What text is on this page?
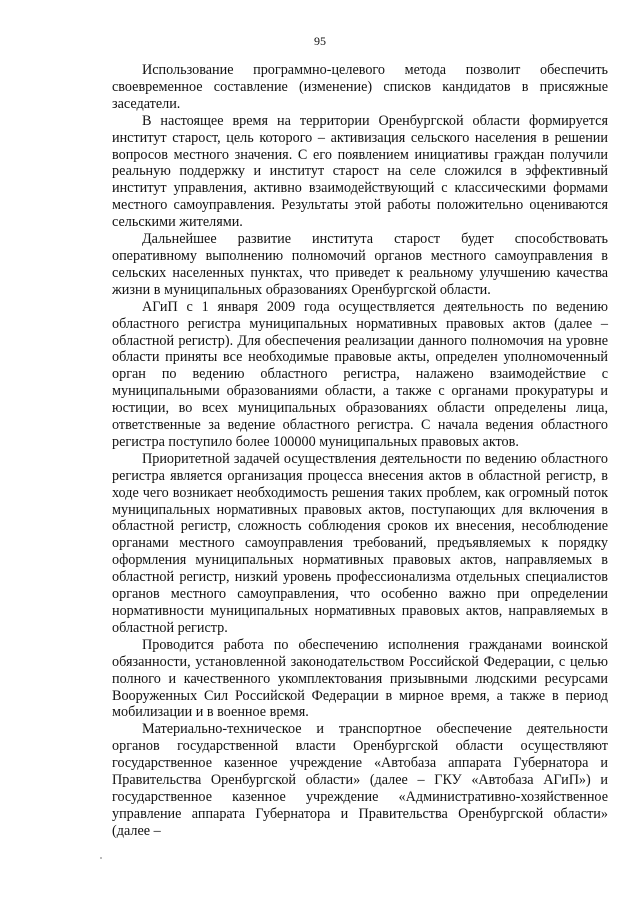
95

Использование программно-целевого метода позволит обеспечить своевременное составление (изменение) списков кандидатов в присяжные заседатели.

В настоящее время на территории Оренбургской области формируется институт старост, цель которого – активизация сельского населения в решении вопросов местного значения. С его появлением инициативы граждан получили реальную поддержку и институт старост на селе сложился в эффективный институт управления, активно взаимодействующий с классическими формами местного самоуправления. Результаты этой работы положительно оцениваются сельскими жителями.

Дальнейшее развитие института старост будет способствовать оперативному выполнению полномочий органов местного самоуправления в сельских населенных пунктах, что приведет к реальному улучшению качества жизни в муниципальных образованиях Оренбургской области.

АГиП с 1 января 2009 года осуществляется деятельность по ведению областного регистра муниципальных нормативных правовых актов (далее – областной регистр). Для обеспечения реализации данного полномочия на уровне области приняты все необходимые правовые акты, определен уполномоченный орган по ведению областного регистра, налажено взаимодействие с муниципальными образованиями области, а также с органами прокуратуры и юстиции, во всех муниципальных образованиях области определены лица, ответственные за ведение областного регистра. С начала ведения областного регистра поступило более 100000 муниципальных правовых актов.

Приоритетной задачей осуществления деятельности по ведению областного регистра является организация процесса внесения актов в областной регистр, в ходе чего возникает необходимость решения таких проблем, как огромный поток муниципальных нормативных правовых актов, поступающих для включения в областной регистр, сложность соблюдения сроков их внесения, несоблюдение органами местного самоуправления требований, предъявляемых к порядку оформления муниципальных нормативных правовых актов, направляемых в областной регистр, низкий уровень профессионализма отдельных специалистов органов местного самоуправления, что особенно важно при определении нормативности муниципальных нормативных правовых актов, направляемых в областной регистр.

Проводится работа по обеспечению исполнения гражданами воинской обязанности, установленной законодательством Российской Федерации, с целью полного и качественного укомплектования призывными людскими ресурсами Вооруженных Сил Российской Федерации в мирное время, а также в период мобилизации и в военное время.

Материально-техническое и транспортное обеспечение деятельности органов государственной власти Оренбургской области осуществляют государственное казенное учреждение «Автобаза аппарата Губернатора и Правительства Оренбургской области» (далее – ГКУ «Автобаза АГиП») и государственное казенное учреждение «Административно-хозяйственное управление аппарата Губернатора и Правительства Оренбургской области» (далее –
